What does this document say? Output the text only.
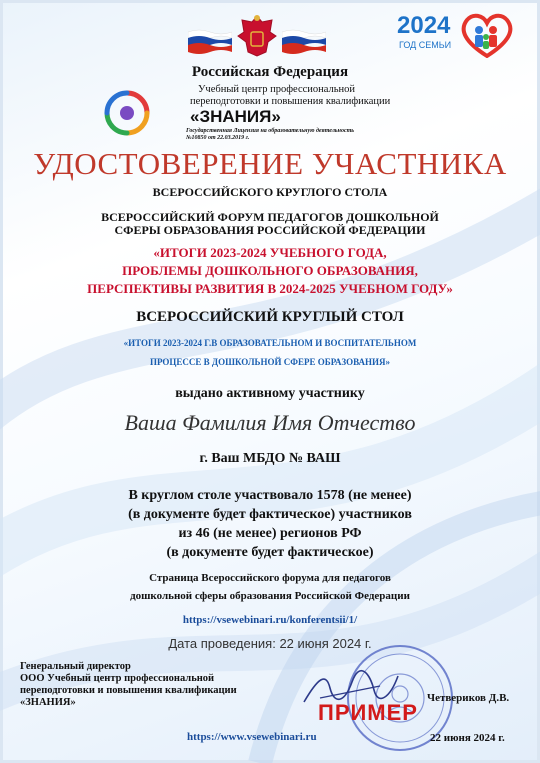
2024
ГОД СЕМЬИ
Российская Федерация
Учебный центр профессиональной
переподготовки и повышения квалификации
«ЗНАНИЯ»
Государственная Лицензия на образовательную деятельность
№10850 от 22.03.2019 г.
УДОСТОВЕРЕНИЕ УЧАСТНИКА
ВСЕРОССИЙСКОГО КРУГЛОГО СТОЛА
ВСЕРОССИЙСКИЙ ФОРУМ ПЕДАГОГОВ ДОШКОЛЬНОЙ
СФЕРЫ ОБРАЗОВАНИЯ РОССИЙСКОЙ ФЕДЕРАЦИИ
«ИТОГИ 2023-2024 УЧЕБНОГО ГОДА,
ПРОБЛЕМЫ ДОШКОЛЬНОГО ОБРАЗОВАНИЯ,
ПЕРСПЕКТИВЫ РАЗВИТИЯ В 2024-2025 УЧЕБНОМ ГОДУ»
ВСЕРОССИЙСКИЙ КРУГЛЫЙ СТОЛ
«ИТОГИ 2023-2024 Г.В ОБРАЗОВАТЕЛЬНОМ И ВОСПИТАТЕЛЬНОМ
ПРОЦЕССЕ В ДОШКОЛЬНОЙ СФЕРЕ ОБРАЗОВАНИЯ»
выдано активному участнику
Ваша Фамилия Имя Отчество
г. Ваш МБДО № ВАШ
В круглом столе участвовало 1578 (не менее)
(в документе будет фактическое) участников
из 46 (не менее) регионов РФ
(в документе будет фактическое)
Страница Всероссийского форума для педагогов
дошкольной сферы образования Российской Федерации
https://vsewebinari.ru/konferentsii/1/
Дата проведения: 22 июня 2024 г.
ПРИМЕР
Генеральный директор
ООО Учебный центр профессиональной
переподготовки и повышения квалификации
«ЗНАНИЯ»	Четвериков Д.В.
https://www.vsewebinari.ru	22 июня 2024 г.
